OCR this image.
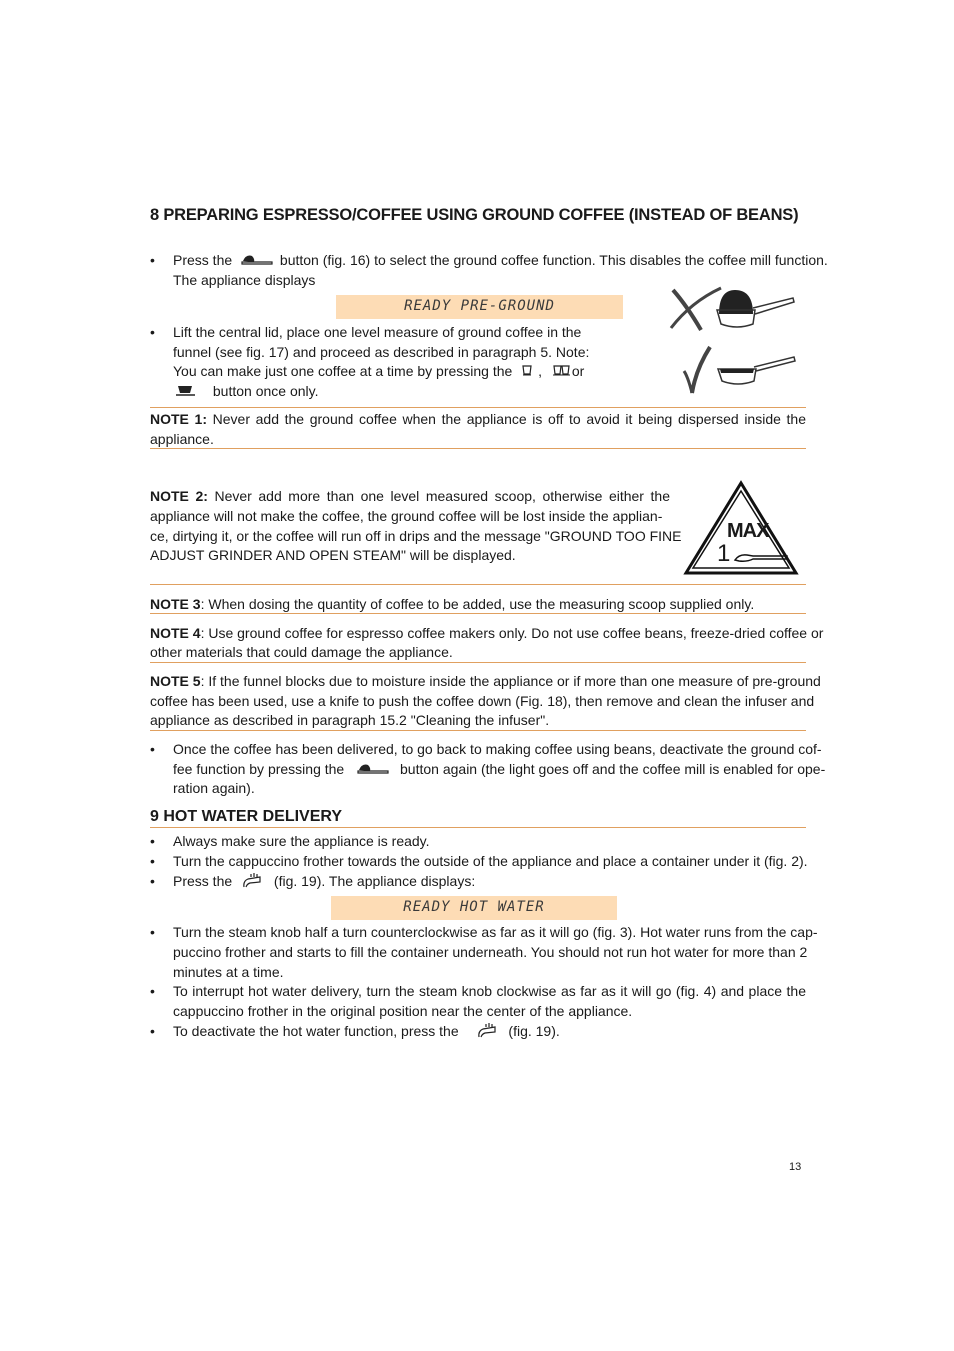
8 PREPARING ESPRESSO/COFFEE USING GROUND COFFEE (INSTEAD OF BEANS)
• Press the	button (fig. 16) to select the ground coffee function. This disables the coffee mill function.
The appliance displays
READY PRE-GROUND
• Lift the central lid, place one level measure of ground coffee in the
funnel (see fig. 17) and proceed as described in paragraph 5. Note:
You can make just one coffee at a time by pressing the , or
button once only.
NOTE 1: Never add the ground coffee when the appliance is off to avoid it being dispersed inside the
appliance.
NOTE 2: Never add more than one level measured scoop, otherwise either the
appliance will not make the coffee, the ground coffee will be lost inside the applian-
ce, dirtying it, or the coffee will run off in drips and the message "GROUND TOO FINE
ADJUST GRINDER AND OPEN STEAM" will be displayed.
MAX
1
NOTE 3: When dosing the quantity of coffee to be added, use the measuring scoop supplied only.
NOTE 4: Use ground coffee for espresso coffee makers only. Do not use coffee beans, freeze-dried coffee or
other materials that could damage the appliance.
NOTE 5: If the funnel blocks due to moisture inside the appliance or if more than one measure of pre-ground
coffee has been used, use a knife to push the coffee down (Fig. 18), then remove and clean the infuser and
appliance as described in paragraph 15.2 "Cleaning the infuser".
• Once the coffee has been delivered, to go back to making coffee using beans, deactivate the ground cof-
fee function by pressing the	button again (the light goes off and the coffee mill is enabled for ope-
ration again).
9 HOT WATER DELIVERY
• Always make sure the appliance is ready.
• Turn the cappuccino frother towards the outside of the appliance and place a container under it (fig. 2).
• Press the	(fig. 19). The appliance displays:
READY HOT WATER
• Turn the steam knob half a turn counterclockwise as far as it will go (fig. 3). Hot water runs from the cap-
puccino frother and starts to fill the container underneath. You should not run hot water for more than 2
minutes at a time.
• To interrupt hot water delivery, turn the steam knob clockwise as far as it will go (fig. 4) and place the
cappuccino frother in the original position near the center of the appliance.
• To deactivate the hot water function, press the	(fig. 19).
13
